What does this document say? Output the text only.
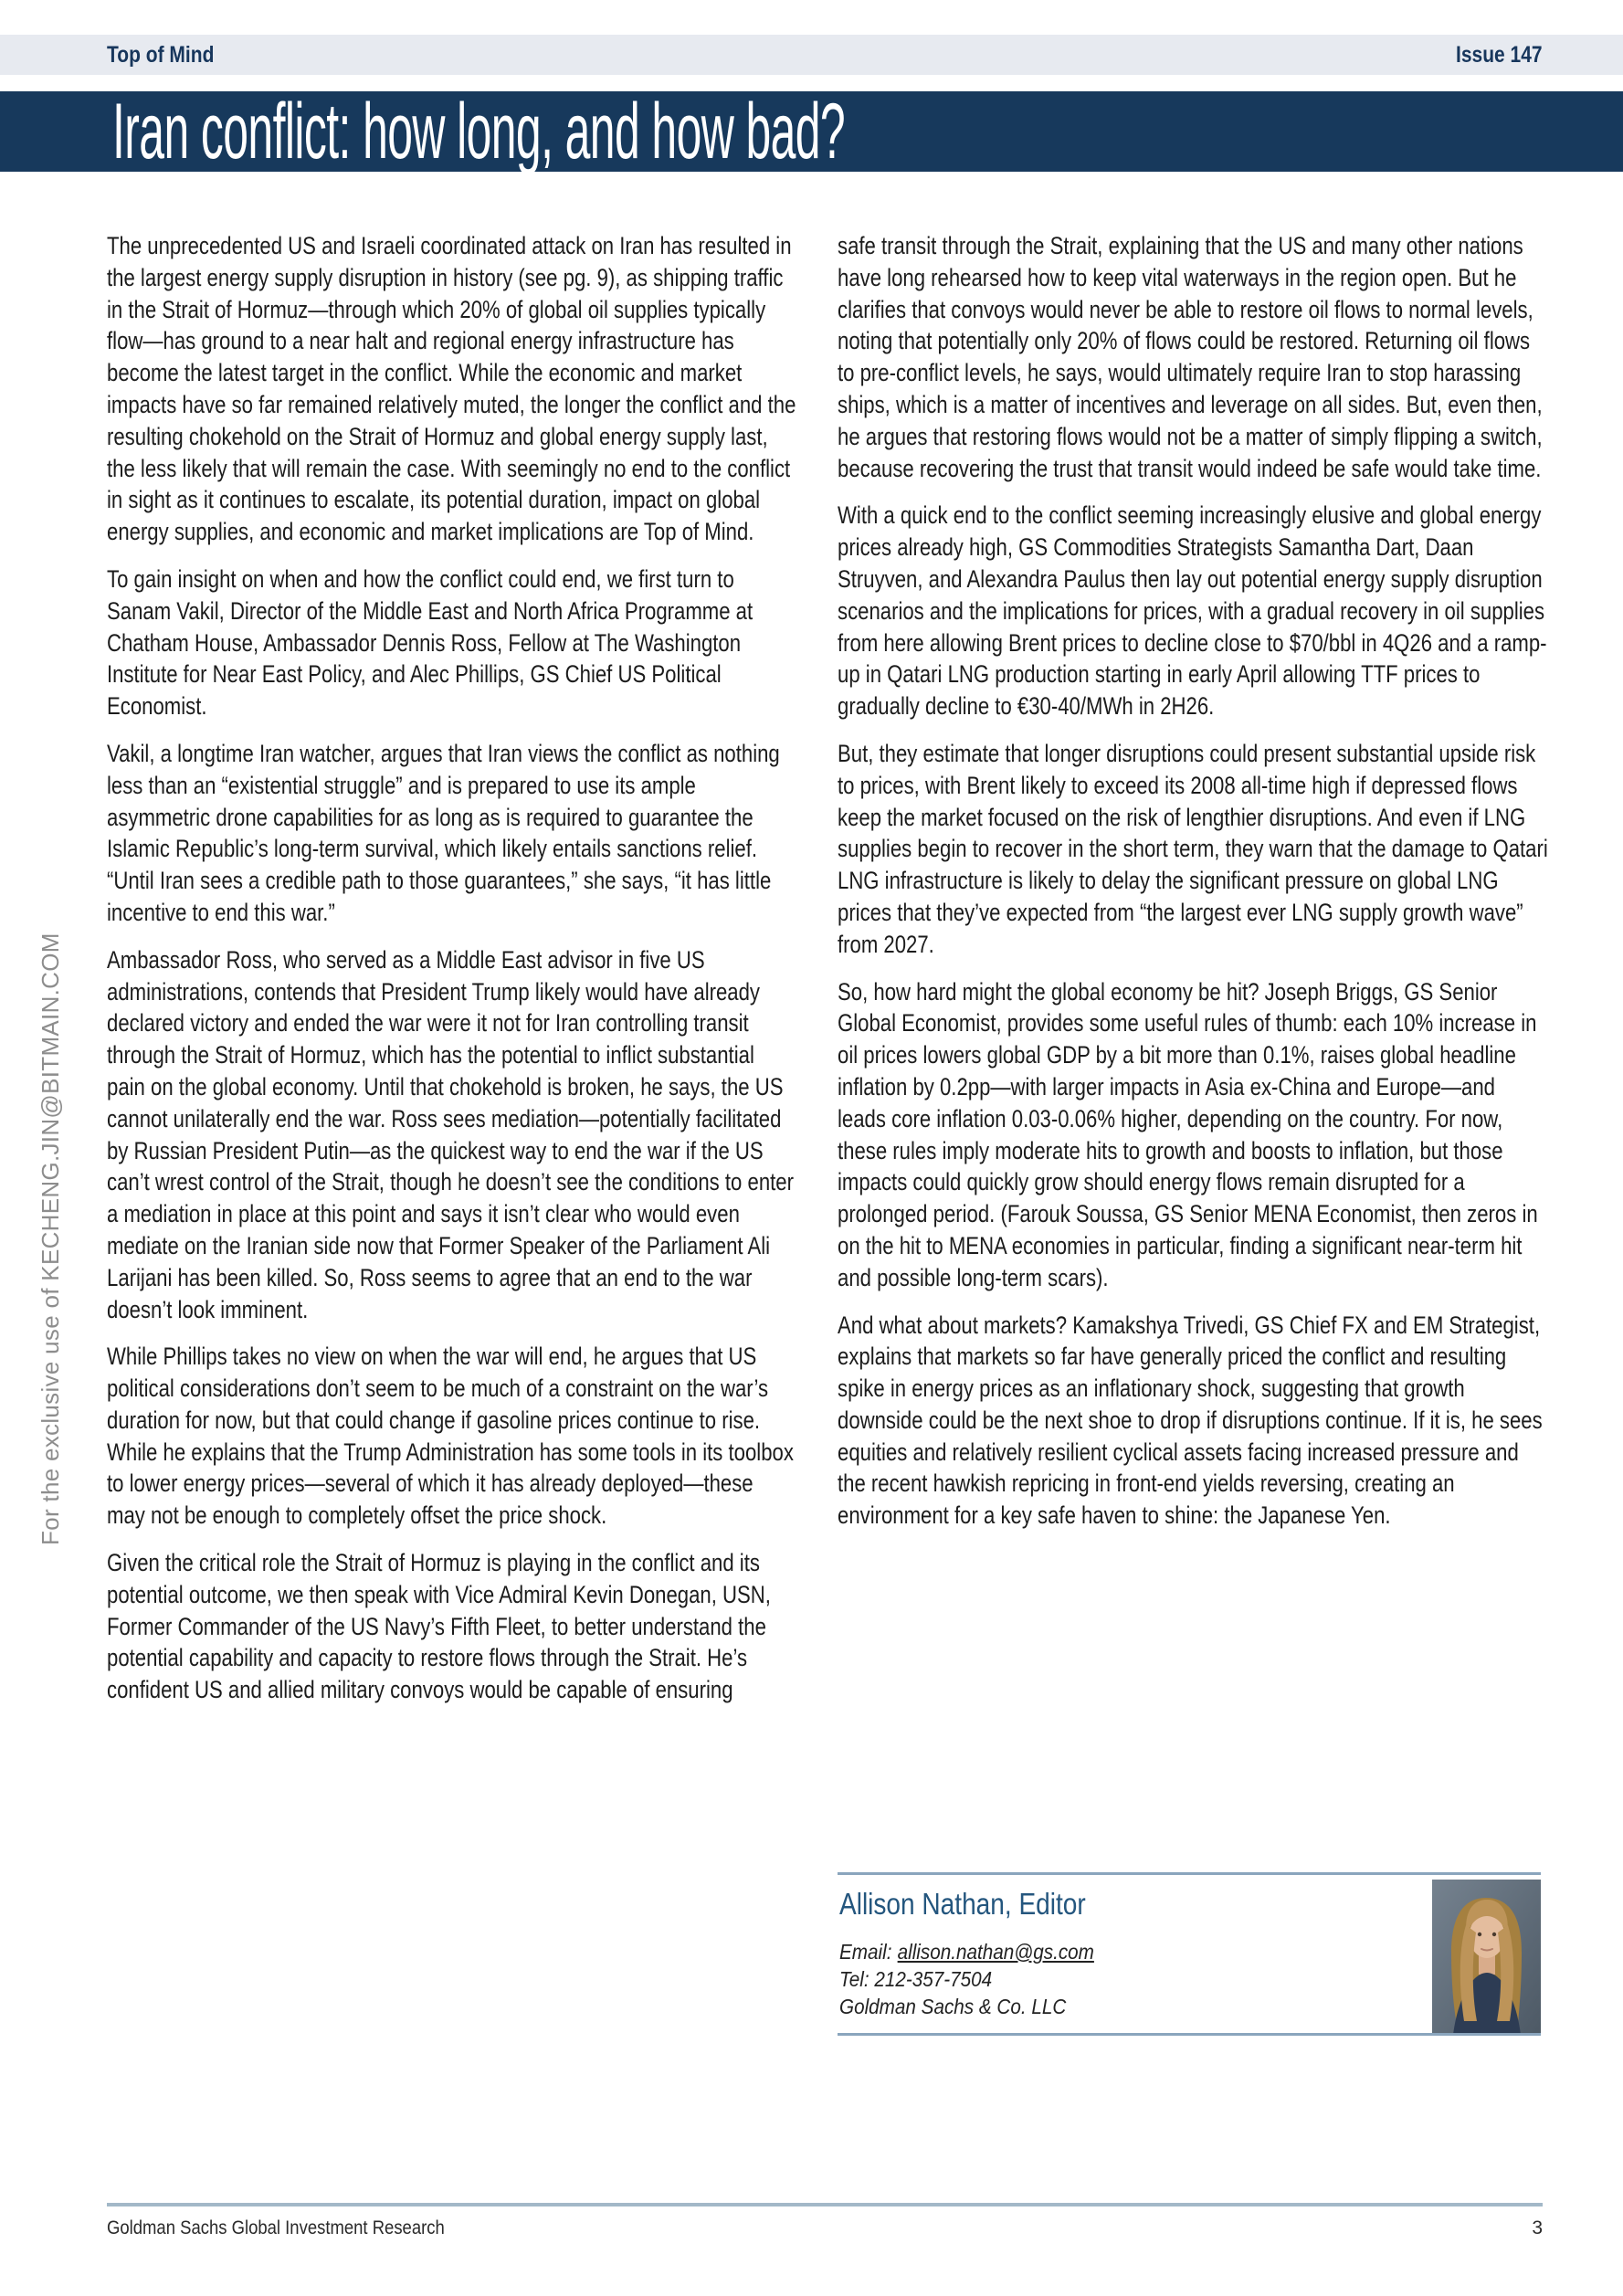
Top of Mind	Issue 147
Iran conflict: how long, and how bad?
For the exclusive use of KECHENG.JIN@BITMAIN.COM

The unprecedented US and Israeli coordinated attack on Iran has resulted in the largest energy supply disruption in history (see pg. 9), as shipping traffic in the Strait of Hormuz—through which 20% of global oil supplies typically flow—has ground to a near halt and regional energy infrastructure has become the latest target in the conflict. While the economic and market impacts have so far remained relatively muted, the longer the conflict and the resulting chokehold on the Strait of Hormuz and global energy supply last, the less likely that will remain the case. With seemingly no end to the conflict in sight as it continues to escalate, its potential duration, impact on global energy supplies, and economic and market implications are Top of Mind.

To gain insight on when and how the conflict could end, we first turn to Sanam Vakil, Director of the Middle East and North Africa Programme at Chatham House, Ambassador Dennis Ross, Fellow at The Washington Institute for Near East Policy, and Alec Phillips, GS Chief US Political Economist.

Vakil, a longtime Iran watcher, argues that Iran views the conflict as nothing less than an “existential struggle” and is prepared to use its ample asymmetric drone capabilities for as long as is required to guarantee the Islamic Republic’s long-term survival, which likely entails sanctions relief. “Until Iran sees a credible path to those guarantees,” she says, “it has little incentive to end this war.”

Ambassador Ross, who served as a Middle East advisor in five US administrations, contends that President Trump likely would have already declared victory and ended the war were it not for Iran controlling transit through the Strait of Hormuz, which has the potential to inflict substantial pain on the global economy. Until that chokehold is broken, he says, the US cannot unilaterally end the war. Ross sees mediation—potentially facilitated by Russian President Putin—as the quickest way to end the war if the US can’t wrest control of the Strait, though he doesn’t see the conditions to enter a mediation in place at this point and says it isn’t clear who would even mediate on the Iranian side now that Former Speaker of the Parliament Ali Larijani has been killed. So, Ross seems to agree that an end to the war doesn’t look imminent.

While Phillips takes no view on when the war will end, he argues that US political considerations don’t seem to be much of a constraint on the war’s duration for now, but that could change if gasoline prices continue to rise. While he explains that the Trump Administration has some tools in its toolbox to lower energy prices—several of which it has already deployed—these may not be enough to completely offset the price shock.

Given the critical role the Strait of Hormuz is playing in the conflict and its potential outcome, we then speak with Vice Admiral Kevin Donegan, USN, Former Commander of the US Navy’s Fifth Fleet, to better understand the potential capability and capacity to restore flows through the Strait. He’s confident US and allied military convoys would be capable of ensuring

safe transit through the Strait, explaining that the US and many other nations have long rehearsed how to keep vital waterways in the region open. But he clarifies that convoys would never be able to restore oil flows to normal levels, noting that potentially only 20% of flows could be restored. Returning oil flows to pre-conflict levels, he says, would ultimately require Iran to stop harassing ships, which is a matter of incentives and leverage on all sides. But, even then, he argues that restoring flows would not be a matter of simply flipping a switch, because recovering the trust that transit would indeed be safe would take time.

With a quick end to the conflict seeming increasingly elusive and global energy prices already high, GS Commodities Strategists Samantha Dart, Daan Struyven, and Alexandra Paulus then lay out potential energy supply disruption scenarios and the implications for prices, with a gradual recovery in oil supplies from here allowing Brent prices to decline close to $70/bbl in 4Q26 and a ramp-up in Qatari LNG production starting in early April allowing TTF prices to gradually decline to €30-40/MWh in 2H26.

But, they estimate that longer disruptions could present substantial upside risk to prices, with Brent likely to exceed its 2008 all-time high if depressed flows keep the market focused on the risk of lengthier disruptions. And even if LNG supplies begin to recover in the short term, they warn that the damage to Qatari LNG infrastructure is likely to delay the significant pressure on global LNG prices that they’ve expected from “the largest ever LNG supply growth wave” from 2027.

So, how hard might the global economy be hit? Joseph Briggs, GS Senior Global Economist, provides some useful rules of thumb: each 10% increase in oil prices lowers global GDP by a bit more than 0.1%, raises global headline inflation by 0.2pp—with larger impacts in Asia ex-China and Europe—and leads core inflation 0.03-0.06% higher, depending on the country. For now, these rules imply moderate hits to growth and boosts to inflation, but those impacts could quickly grow should energy flows remain disrupted for a prolonged period. (Farouk Soussa, GS Senior MENA Economist, then zeros in on the hit to MENA economies in particular, finding a significant near-term hit and possible long-term scars).

And what about markets? Kamakshya Trivedi, GS Chief FX and EM Strategist, explains that markets so far have generally priced the conflict and resulting spike in energy prices as an inflationary shock, suggesting that growth downside could be the next shoe to drop if disruptions continue. If it is, he sees equities and relatively resilient cyclical assets facing increased pressure and the recent hawkish repricing in front-end yields reversing, creating an environment for a key safe haven to shine: the Japanese Yen.

Allison Nathan, Editor
Email: allison.nathan@gs.com
Tel: 212-357-7504
Goldman Sachs & Co. LLC
Goldman Sachs Global Investment Research	3
